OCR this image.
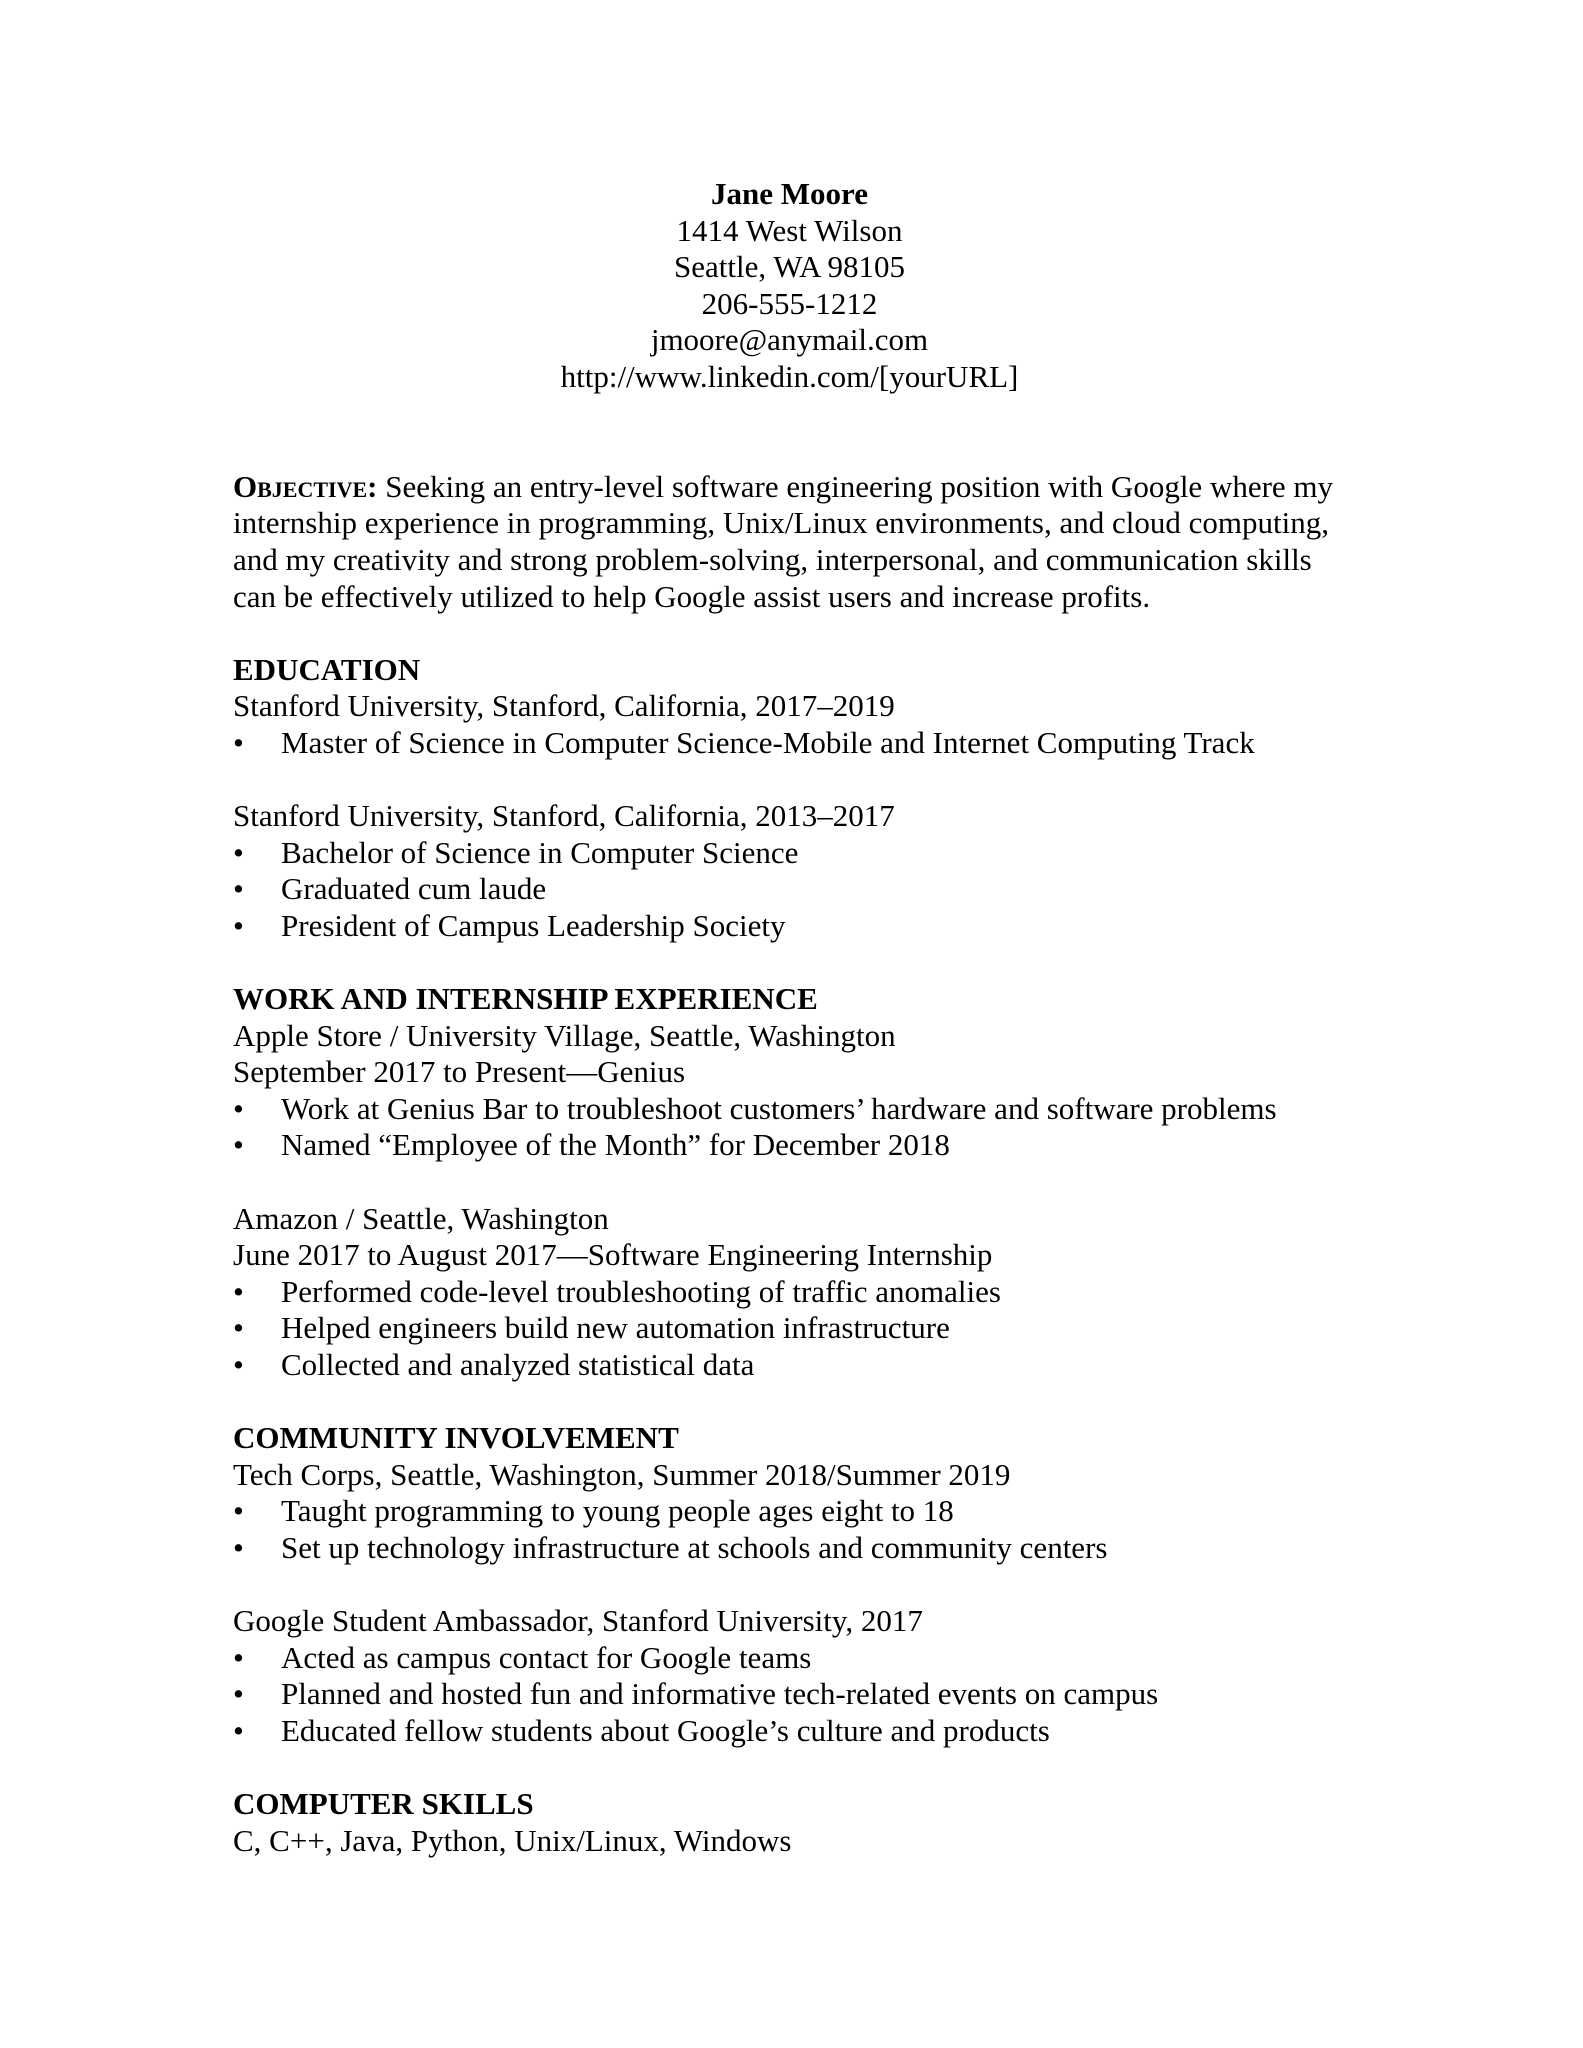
Jane Moore
1414 West Wilson
Seattle, WA 98105
206-555-1212
jmoore@anymail.com
http://www.linkedin.com/[yourURL]

Objective: Seeking an entry-level software engineering position with Google where my internship experience in programming, Unix/Linux environments, and cloud computing, and my creativity and strong problem-solving, interpersonal, and communication skills can be effectively utilized to help Google assist users and increase profits.

EDUCATION
Stanford University, Stanford, California, 2017–2019
•	Master of Science in Computer Science-Mobile and Internet Computing Track
Stanford University, Stanford, California, 2013–2017
•	Bachelor of Science in Computer Science
•	Graduated cum laude
•	President of Campus Leadership Society
WORK AND INTERNSHIP EXPERIENCE
Apple Store / University Village, Seattle, Washington
September 2017 to Present—Genius
•	Work at Genius Bar to troubleshoot customers’ hardware and software problems
•	Named “Employee of the Month” for December 2018
Amazon / Seattle, Washington
June 2017 to August 2017—Software Engineering Internship
•	Performed code-level troubleshooting of traffic anomalies
•	Helped engineers build new automation infrastructure
•	Collected and analyzed statistical data
COMMUNITY INVOLVEMENT
Tech Corps, Seattle, Washington, Summer 2018/Summer 2019
•	Taught programming to young people ages eight to 18
•	Set up technology infrastructure at schools and community centers
Google Student Ambassador, Stanford University, 2017
•	Acted as campus contact for Google teams
•	Planned and hosted fun and informative tech-related events on campus
•	Educated fellow students about Google’s culture and products
COMPUTER SKILLS
C, C++, Java, Python, Unix/Linux, Windows
